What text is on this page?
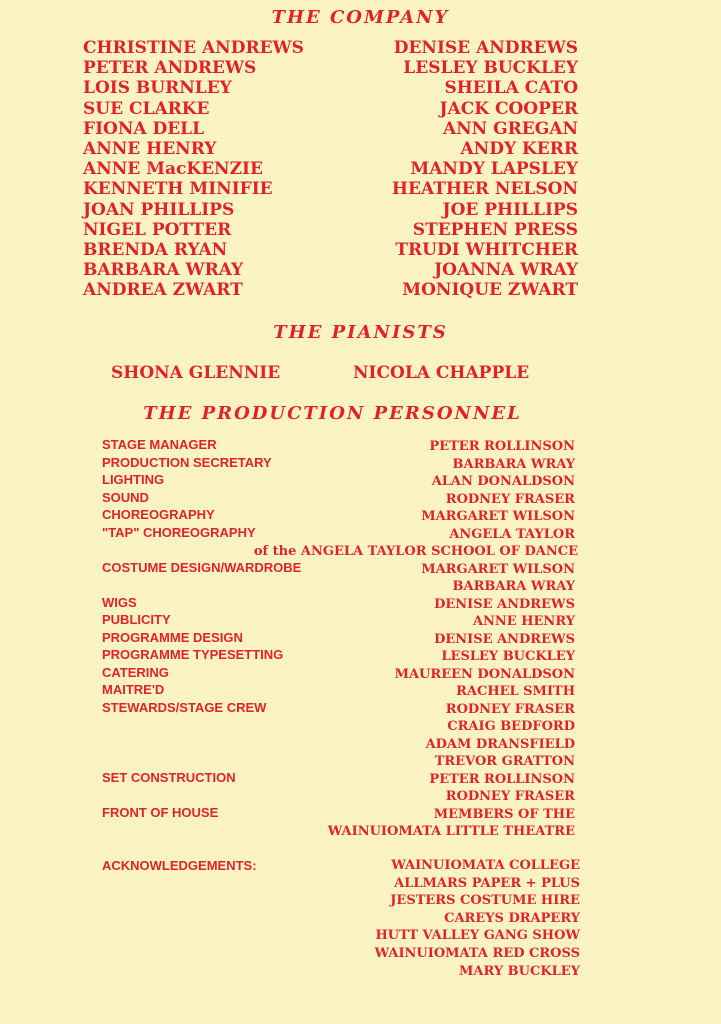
THE COMPANY
CHRISTINE ANDREWS
PETER ANDREWS
LOIS BURNLEY
SUE CLARKE
FIONA DELL
ANNE HENRY
ANNE MacKENZIE
KENNETH MINIFIE
JOAN PHILLIPS
NIGEL POTTER
BRENDA RYAN
BARBARA WRAY
ANDREA ZWART
DENISE ANDREWS
LESLEY BUCKLEY
SHEILA CATO
JACK COOPER
ANN GREGAN
ANDY KERR
MANDY LAPSLEY
HEATHER NELSON
JOE PHILLIPS
STEPHEN PRESS
TRUDI WHITCHER
JOANNA WRAY
MONIQUE ZWART
THE PIANISTS
SHONA GLENNIE	NICOLA CHAPPLE
THE PRODUCTION PERSONNEL
STAGE MANAGER
PRODUCTION SECRETARY
LIGHTING
SOUND
CHOREOGRAPHY
"TAP" CHOREOGRAPHY
COSTUME DESIGN/WARDROBE
WIGS
PUBLICITY
PROGRAMME DESIGN
PROGRAMME TYPESETTING
CATERING
MAITRE'D
STEWARDS/STAGE CREW
SET CONSTRUCTION
FRONT OF HOUSE
PETER ROLLINSON
BARBARA WRAY
ALAN DONALDSON
RODNEY FRASER
MARGARET WILSON
ANGELA TAYLOR
of the ANGELA TAYLOR SCHOOL OF DANCE
MARGARET WILSON
BARBARA WRAY
DENISE ANDREWS
ANNE HENRY
DENISE ANDREWS
LESLEY BUCKLEY
MAUREEN DONALDSON
RACHEL SMITH
RODNEY FRASER
CRAIG BEDFORD
ADAM DRANSFIELD
TREVOR GRATTON
PETER ROLLINSON
RODNEY FRASER
MEMBERS OF THE
WAINUIOMATA LITTLE THEATRE
ACKNOWLEDGEMENTS:	WAINUIOMATA COLLEGE
ALLMARS PAPER + PLUS
JESTERS COSTUME HIRE
CAREYS DRAPERY
HUTT VALLEY GANG SHOW
WAINUIOMATA RED CROSS
MARY BUCKLEY
